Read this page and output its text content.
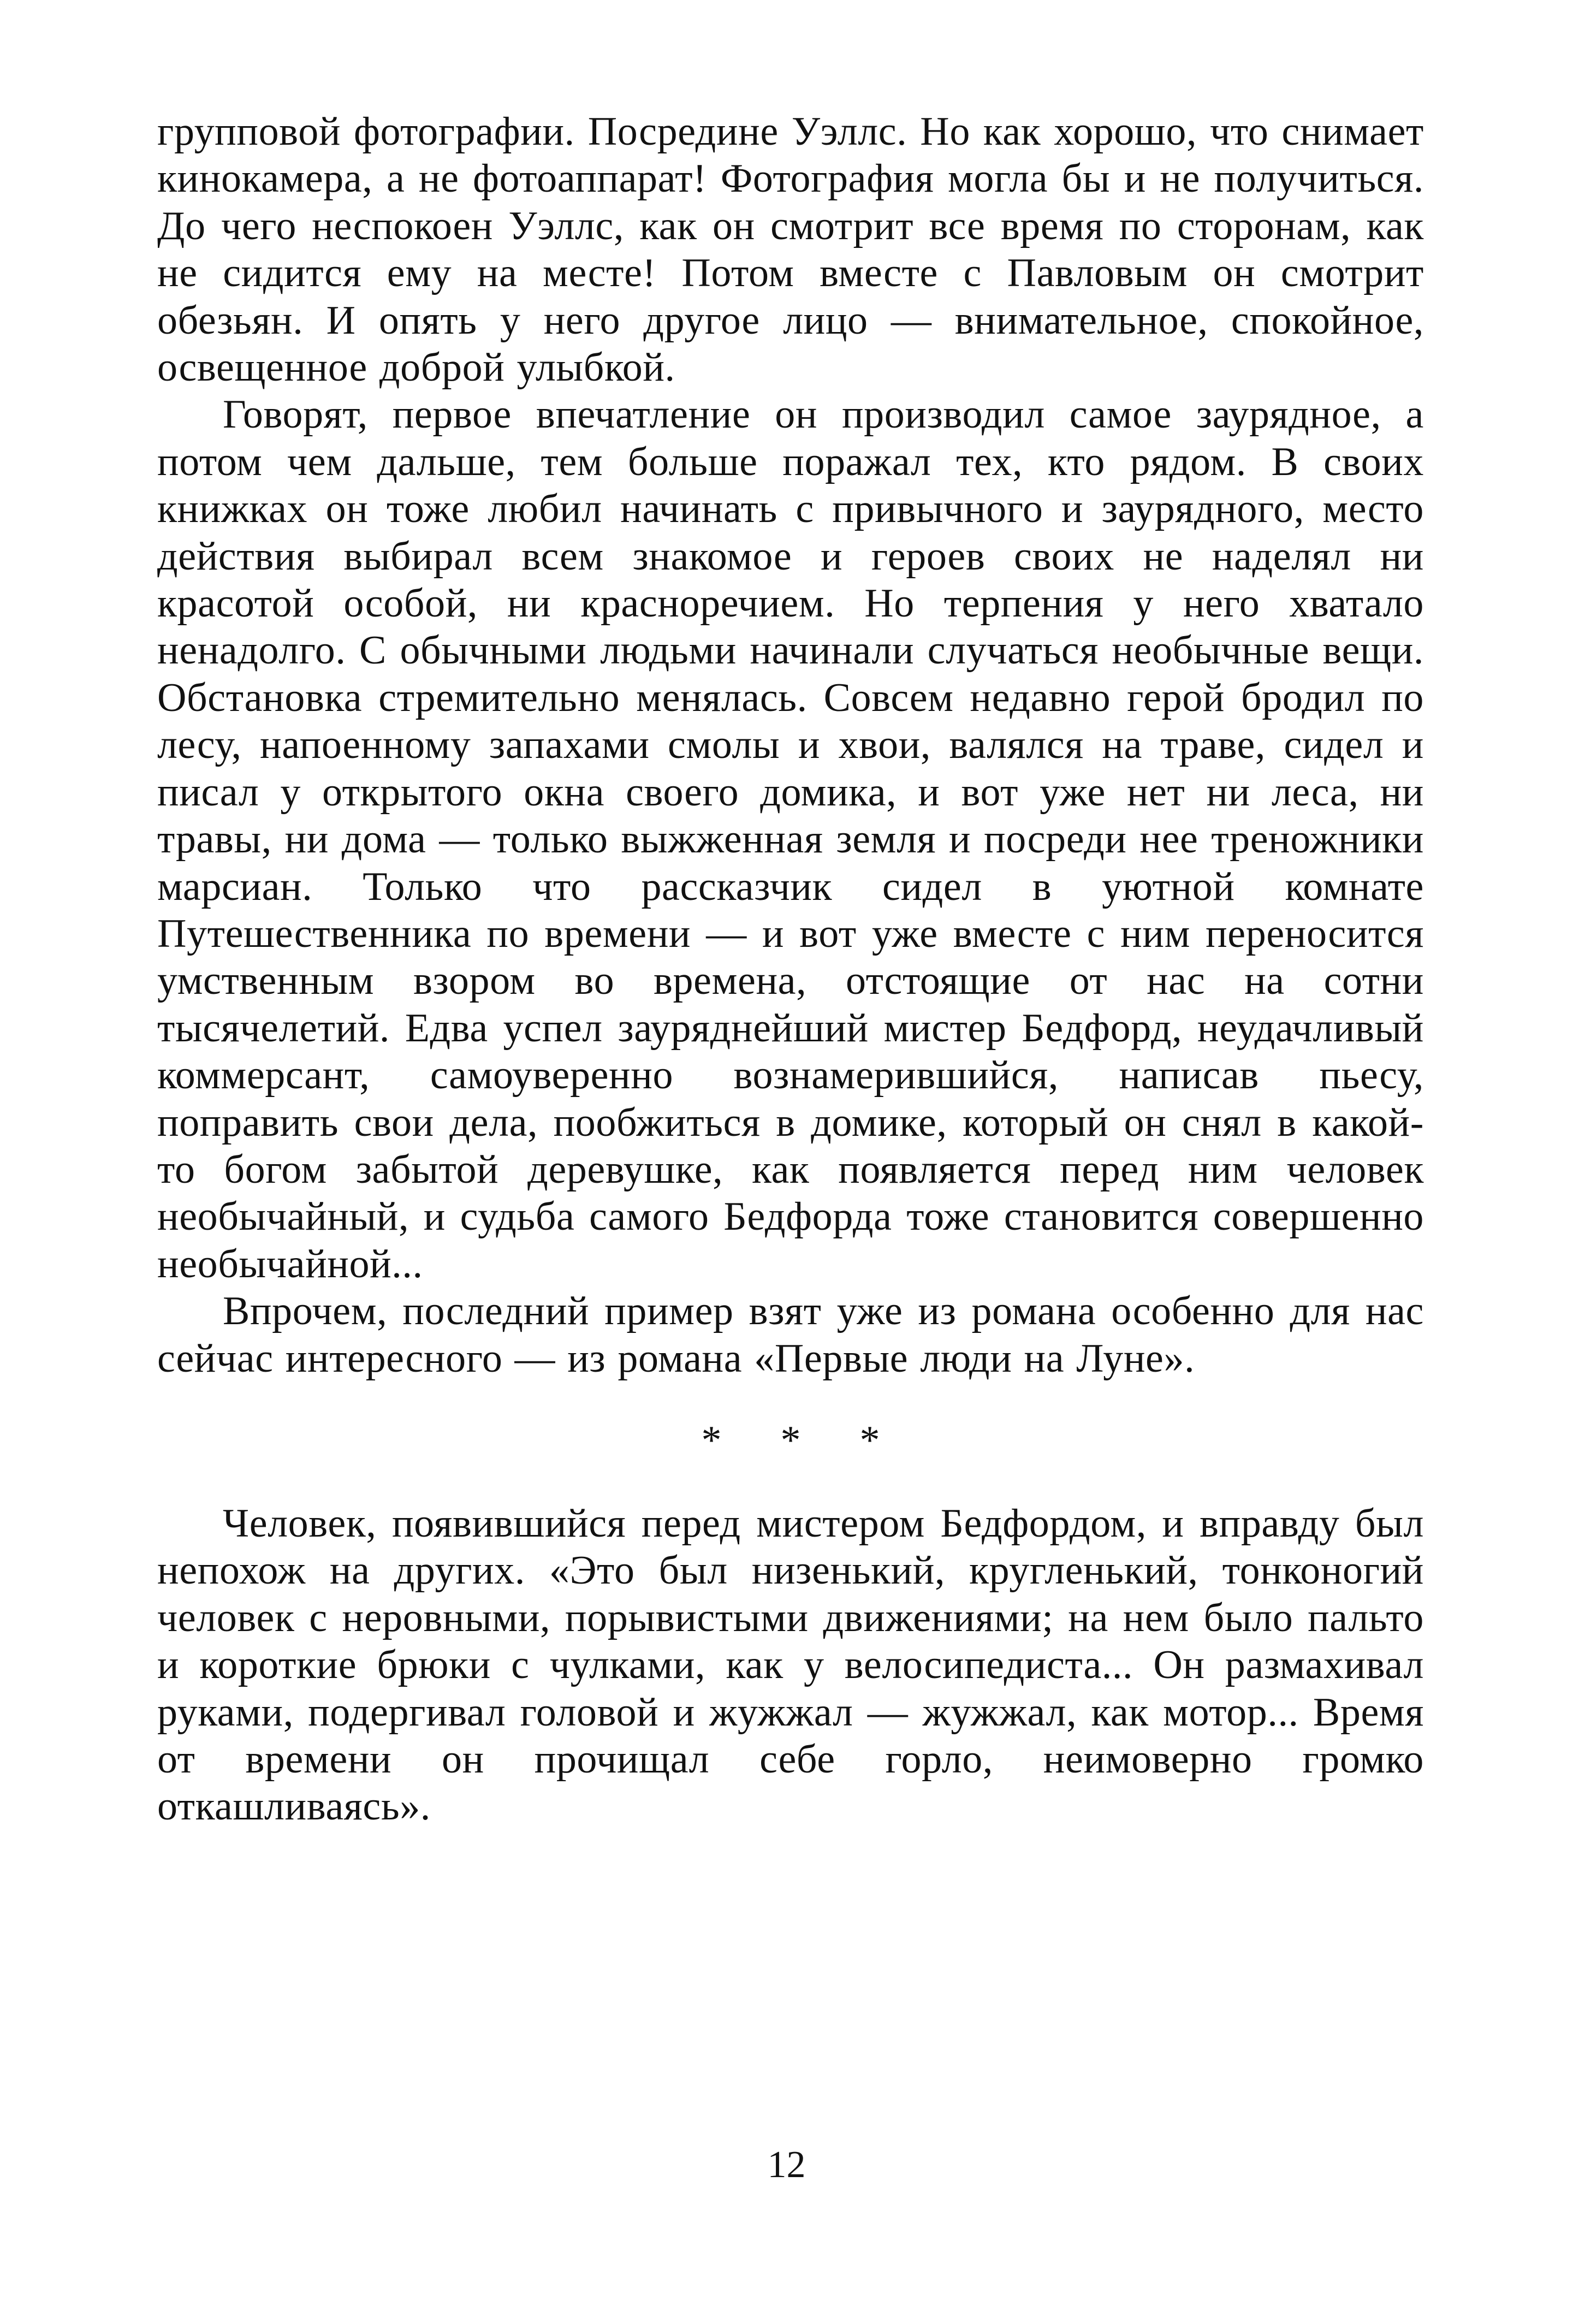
групповой фотографии. Посредине Уэллс. Но как хорошо, что снимает кинокамера, а не фотоаппарат! Фотография могла бы и не получиться. До чего неспокоен Уэллс, как он смотрит все время по сторонам, как не сидится ему на месте! Потом вместе с Павловым он смотрит обезьян. И опять у него другое лицо — внимательное, спокойное, освещенное доброй улыбкой.

Говорят, первое впечатление он производил самое заурядное, а потом чем дальше, тем больше поражал тех, кто рядом. В своих книжках он тоже любил начинать с привычного и заурядного, место действия выбирал всем знакомое и героев своих не наделял ни красотой особой, ни красноречием. Но терпения у него хватало ненадолго. С обычными людьми начинали случаться необычные вещи. Обстановка стремительно менялась. Совсем недавно герой бродил по лесу, напоенному запахами смолы и хвои, валялся на траве, сидел и писал у открытого окна своего домика, и вот уже нет ни леса, ни травы, ни дома — только выжженная земля и посреди нее треножники марсиан. Только что рассказчик сидел в уютной комнате Путешественника по времени — и вот уже вместе с ним переносится умственным взором во времена, отстоящие от нас на сотни тысячелетий. Едва успел зауряднейший мистер Бедфорд, неудачливый коммерсант, самоуверенно вознамерившийся, написав пьесу, поправить свои дела, пообжиться в домике, который он снял в какой-то богом забытой деревушке, как появляется перед ним человек необычайный, и судьба самого Бедфорда тоже становится совершенно необычайной...

Впрочем, последний пример взят уже из романа особенно для нас сейчас интересного — из романа «Первые люди на Луне».

* * *

Человек, появившийся перед мистером Бедфордом, и вправду был непохож на других. «Это был низенький, кругленький, тонконогий человек с неровными, порывистыми движениями; на нем было пальто и короткие брюки с чулками, как у велосипедиста... Он размахивал руками, подергивал головой и жужжал — жужжал, как мотор... Время от времени он прочищал себе горло, неимоверно громко откашливаясь».

12
